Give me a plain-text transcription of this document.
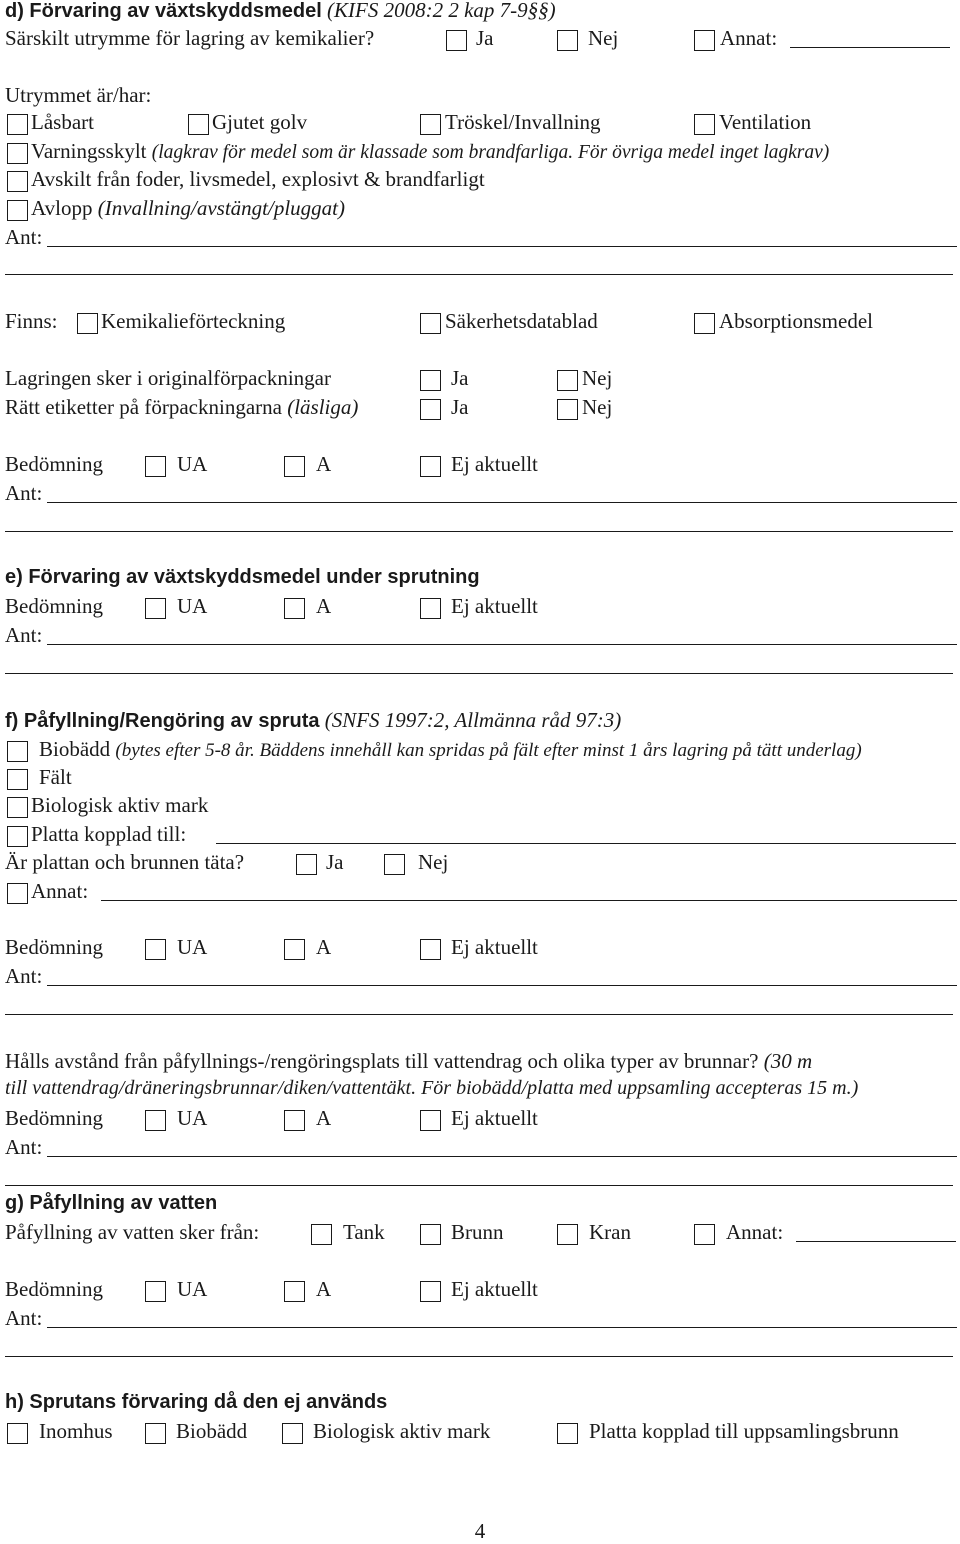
d) Förvaring av växtskyddsmedel (KIFS 2008:2 2 kap 7-9§§)
Särskilt utrymme för lagring av kemikalier?	Ja	Nej	Annat:
Utrymmet är/har:
Låsbart	Gjutet golv	Tröskel/Invallning	Ventilation
Varningsskylt (lagkrav för medel som är klassade som brandfarliga. För övriga medel inget lagkrav)
Avskilt från foder, livsmedel, explosivt & brandfarligt
Avlopp (Invallning/avstängt/pluggat)
Ant:
Finns: Kemikalieförteckning	Säkerhetsdatablad	Absorptionsmedel
Lagringen sker i originalförpackningar	Ja	Nej
Rätt etiketter på förpackningarna (läsliga)	Ja	Nej
Bedömning	UA	A	Ej aktuellt
Ant:
e) Förvaring av växtskyddsmedel under sprutning
Bedömning	UA	A	Ej aktuellt
Ant:
f) Påfyllning/Rengöring av spruta (SNFS 1997:2, Allmänna råd 97:3)
Biobädd (bytes efter 5-8 år. Bäddens innehåll kan spridas på fält efter minst 1 års lagring på tätt underlag)
Fält
Biologisk aktiv mark
Platta kopplad till:
Är plattan och brunnen täta?	Ja	Nej
Annat:
Bedömning	UA	A	Ej aktuellt
Ant:
Hålls avstånd från påfyllnings-/rengöringsplats till vattendrag och olika typer av brunnar? (30 m
till vattendrag/dräneringsbrunnar/diken/vattentäkt. För biobädd/platta med uppsamling accepteras 15 m.)
Bedömning	UA	A	Ej aktuellt
Ant:
g) Påfyllning av vatten
Påfyllning av vatten sker från:	Tank	Brunn	Kran	Annat:
Bedömning	UA	A	Ej aktuellt
Ant:
h) Sprutans förvaring då den ej används
Inomhus	Biobädd	Biologisk aktiv mark	Platta kopplad till uppsamlingsbrunn
4
